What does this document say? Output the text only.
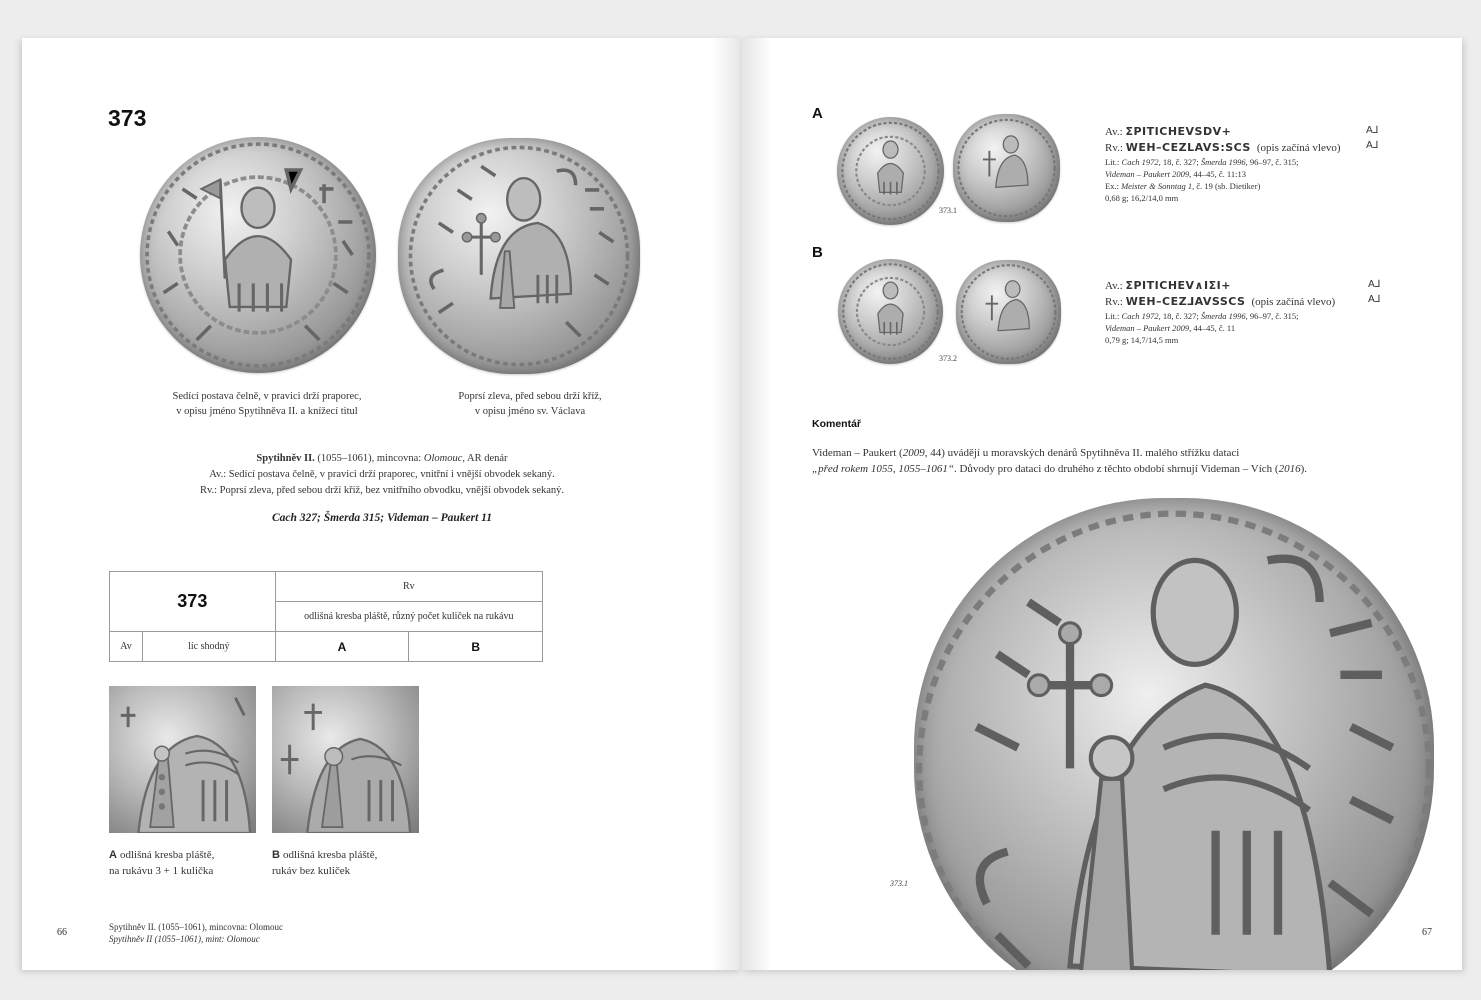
373
Sedící postava čelně, v pravici drží praporec,
v opisu jméno Spytihněva II. a knížecí titul
Poprsí zleva, před sebou drží kříž,
v opisu jméno sv. Václava
Spytihněv II. (1055–1061), mincovna: Olomouc, AR denár
Av.: Sedící postava čelně, v pravici drží praporec, vnitřní i vnější obvodek sekaný.
Rv.: Poprsí zleva, před sebou drží kříž, bez vnitřního obvodku, vnější obvodek sekaný.
Cach 327; Šmerda 315; Videman – Paukert 11
373		Rv	
		odlišná kresba pláště, různý počet kuliček na rukávu	
Av	líc shodný	A	B
A odlišná kresba pláště,
na rukávu 3 + 1 kulička
B odlišná kresba pláště,
rukáv bez kuliček
66	Spytihněv II. (1055–1061), mincovna: Olomouc
Spytihněv II (1055–1061), mint: Olomouc
A
373.1
Av.: ƩPITICHEVSDV+
Rv.: WEH–CEZLAVS:SCS (opis začíná vlevo)
Lit.: Cach 1972, 18, č. 327; Šmerda 1996, 96–97, č. 315;
Videman – Paukert 2009, 44–45, č. 11:13
Ex.: Meister & Sonntag 1, č. 19 (sb. Dietiker)
0,68 g; 16,2/14,0 mm
A⅃
A⅃
B
373.2
Av.: ƩPITICHEV∧IΣI+
Rv.: WEH–CEZ⅃AVSSCS (opis začíná vlevo)
Lit.: Cach 1972, 18, č. 327; Šmerda 1996, 96–97, č. 315;
Videman – Paukert 2009, 44–45, č. 11
0,79 g; 14,7/14,5 mm
A⅃
A⅃
Komentář
Videman – Paukert (2009, 44) uvádějí u moravských denárů Spytihněva II. malého střížku dataci
„před rokem 1055, 1055–1061“. Důvody pro dataci do druhého z těchto období shrnují Videman – Vích (2016).
373.1
67
